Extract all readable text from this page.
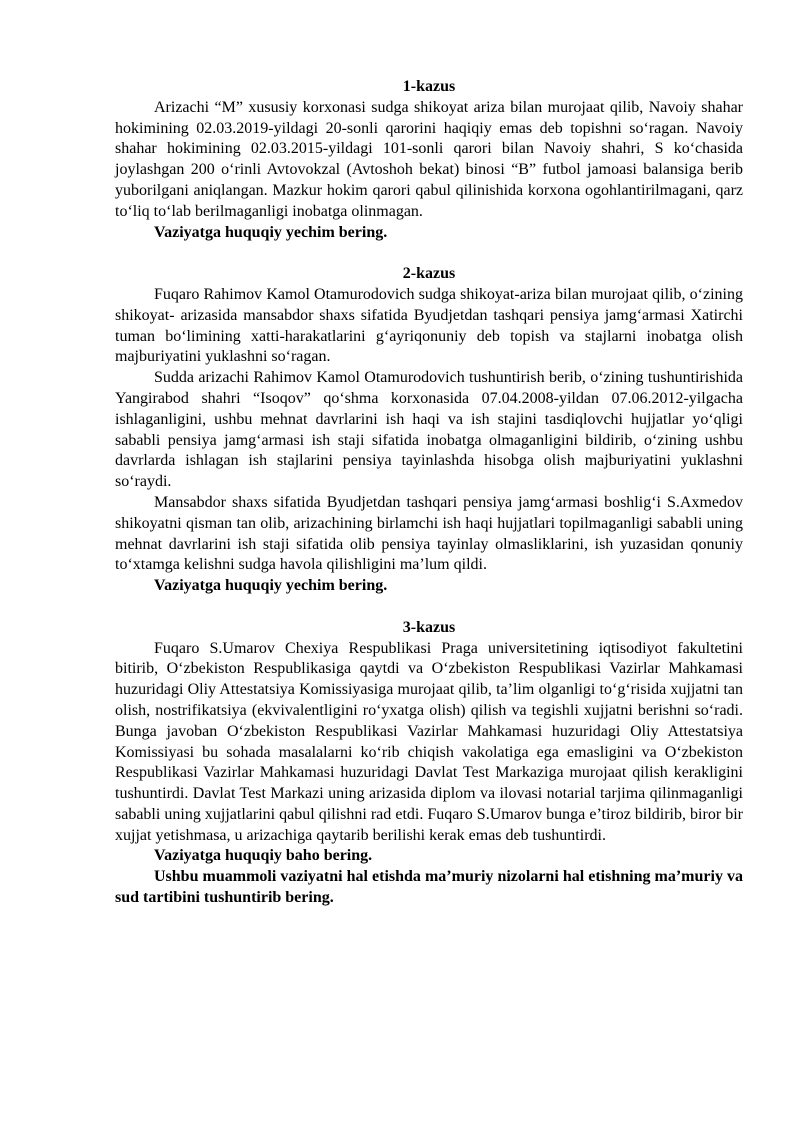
1-kazus

Arizachi “M” xususiy korxonasi sudga shikoyat ariza bilan murojaat qilib, Navoiy shahar hokimining 02.03.2019-yildagi 20-sonli qarorini haqiqiy emas deb topishni so‘ragan. Navoiy shahar hokimining 02.03.2015-yildagi 101-sonli qarori bilan Navoiy shahri, S ko‘chasida joylashgan 200 o‘rinli Avtovokzal (Avtoshoh bekat) binosi “B” futbol jamoasi balansiga berib yuborilgani aniqlangan. Mazkur hokim qarori qabul qilinishida korxona ogohlantirilmagani, qarz to‘liq to‘lab berilmaganligi inobatga olinmagan.

Vaziyatga huquqiy yechim bering.

2-kazus

Fuqaro Rahimov Kamol Otamurodovich sudga shikoyat-ariza bilan murojaat qilib, o‘zining shikoyat- arizasida mansabdor shaxs sifatida Byudjetdan tashqari pensiya jamg‘armasi Xatirchi tuman bo‘limining xatti-harakatlarini g‘ayriqonuniy deb topish va stajlarni inobatga olish majburiyatini yuklashni so‘ragan.

Sudda arizachi Rahimov Kamol Otamurodovich tushuntirish berib, o‘zining tushuntirishida Yangirabod shahri “Isoqov” qo‘shma korxonasida 07.04.2008-yildan 07.06.2012-yilgacha ishlaganligini, ushbu mehnat davrlarini ish haqi va ish stajini tasdiqlovchi hujjatlar yo‘qligi sababli pensiya jamg‘armasi ish staji sifatida inobatga olmaganligini bildirib, o‘zining ushbu davrlarda ishlagan ish stajlarini pensiya tayinlashda hisobga olish majburiyatini yuklashni so‘raydi.

Mansabdor shaxs sifatida Byudjetdan tashqari pensiya jamg‘armasi boshlig‘i S.Axmedov shikoyatni qisman tan olib, arizachining birlamchi ish haqi hujjatlari topilmaganligi sababli uning mehnat davrlarini ish staji sifatida olib pensiya tayinlay olmasliklarini, ish yuzasidan qonuniy to‘xtamga kelishni sudga havola qilishligini ma’lum qildi.

Vaziyatga huquqiy yechim bering.

3-kazus

Fuqaro S.Umarov Chexiya Respublikasi Praga universitetining iqtisodiyot fakultetini bitirib, O‘zbekiston Respublikasiga qaytdi va O‘zbekiston Respublikasi Vazirlar Mahkamasi huzuridagi Oliy Attestatsiya Komissiyasiga murojaat qilib, ta’lim olganligi to‘g‘risida xujjatni tan olish, nostrifikatsiya (ekvivalentligini ro‘yxatga olish) qilish va tegishli xujjatni berishni so‘radi. Bunga javoban O‘zbekiston Respublikasi Vazirlar Mahkamasi huzuridagi Oliy Attestatsiya Komissiyasi bu sohada masalalarni ko‘rib chiqish vakolatiga ega emasligini va O‘zbekiston Respublikasi Vazirlar Mahkamasi huzuridagi Davlat Test Markaziga murojaat qilish kerakligini tushuntirdi. Davlat Test Markazi uning arizasida diplom va ilovasi notarial tarjima qilinmaganligi sababli uning xujjatlarini qabul qilishni rad etdi. Fuqaro S.Umarov bunga e’tiroz bildirib, biror bir xujjat yetishmasa, u arizachiga qaytarib berilishi kerak emas deb tushuntirdi.

Vaziyatga huquqiy baho bering.

Ushbu muammoli vaziyatni hal etishda ma’muriy nizolarni hal etishning ma’muriy va sud tartibini tushuntirib bering.
